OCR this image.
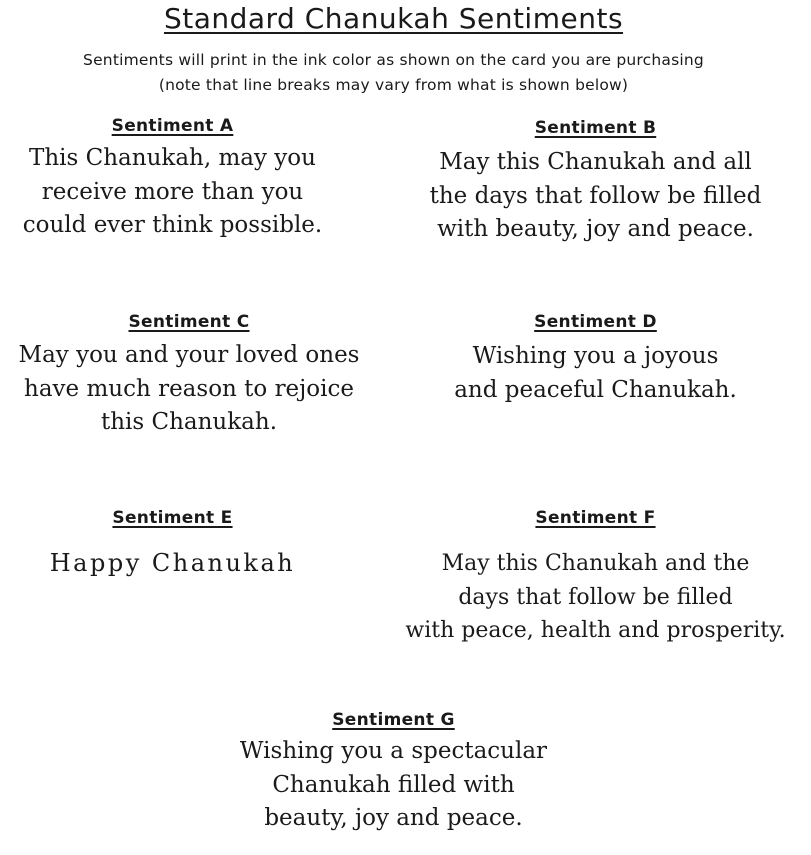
Standard Chanukah Sentiments

Sentiments will print in the ink color as shown on the card you are purchasing

(note that line breaks may vary from what is shown below)

Sentiment A
This Chanukah, may you
receive more than you
could ever think possible.
Sentiment B
May this Chanukah and all
the days that follow be filled
with beauty, joy and peace.
Sentiment C
May you and your loved ones
have much reason to rejoice
this Chanukah.
Sentiment D
Wishing you a joyous
and peaceful Chanukah.
Sentiment E
Happy Chanukah
Sentiment F
May this Chanukah and the
days that follow be filled
with peace, health and prosperity.
Sentiment G
Wishing you a spectacular
Chanukah filled with
beauty, joy and peace.
